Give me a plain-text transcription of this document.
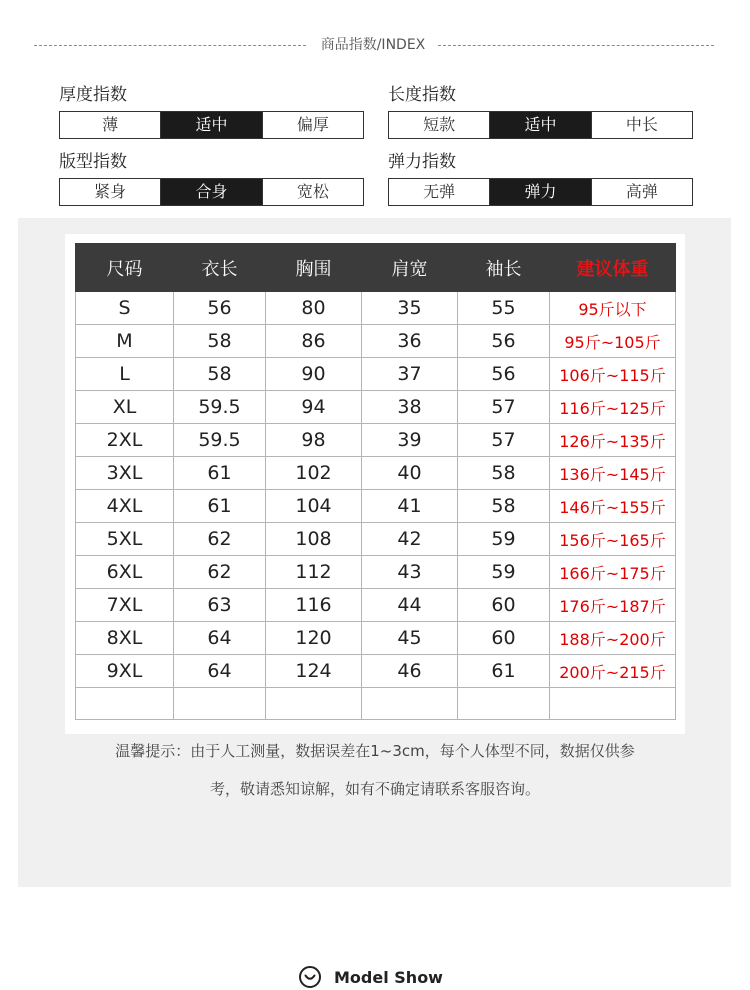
商品指数/INDEX
厚度指数
薄	适中	偏厚
长度指数
短款	适中	中长
版型指数
紧身	合身	宽松
弹力指数
无弹	弹力	高弹
尺码	衣长	胸围	肩宽	袖长	建议体重
S	56	80	35	55	95斤以下
M	58	86	36	56	95斤~105斤
L	58	90	37	56	106斤~115斤
XL	59.5	94	38	57	116斤~125斤
2XL	59.5	98	39	57	126斤~135斤
3XL	61	102	40	58	136斤~145斤
4XL	61	104	41	58	146斤~155斤
5XL	62	108	42	59	156斤~165斤
6XL	62	112	43	59	166斤~175斤
7XL	63	116	44	60	176斤~187斤
8XL	64	120	45	60	188斤~200斤
9XL	64	124	46	61	200斤~215斤

温馨提示：由于人工测量，数据误差在1~3cm，每个人体型不同，数据仅供参
考，敬请悉知谅解，如有不确定请联系客服咨询。
Model Show
